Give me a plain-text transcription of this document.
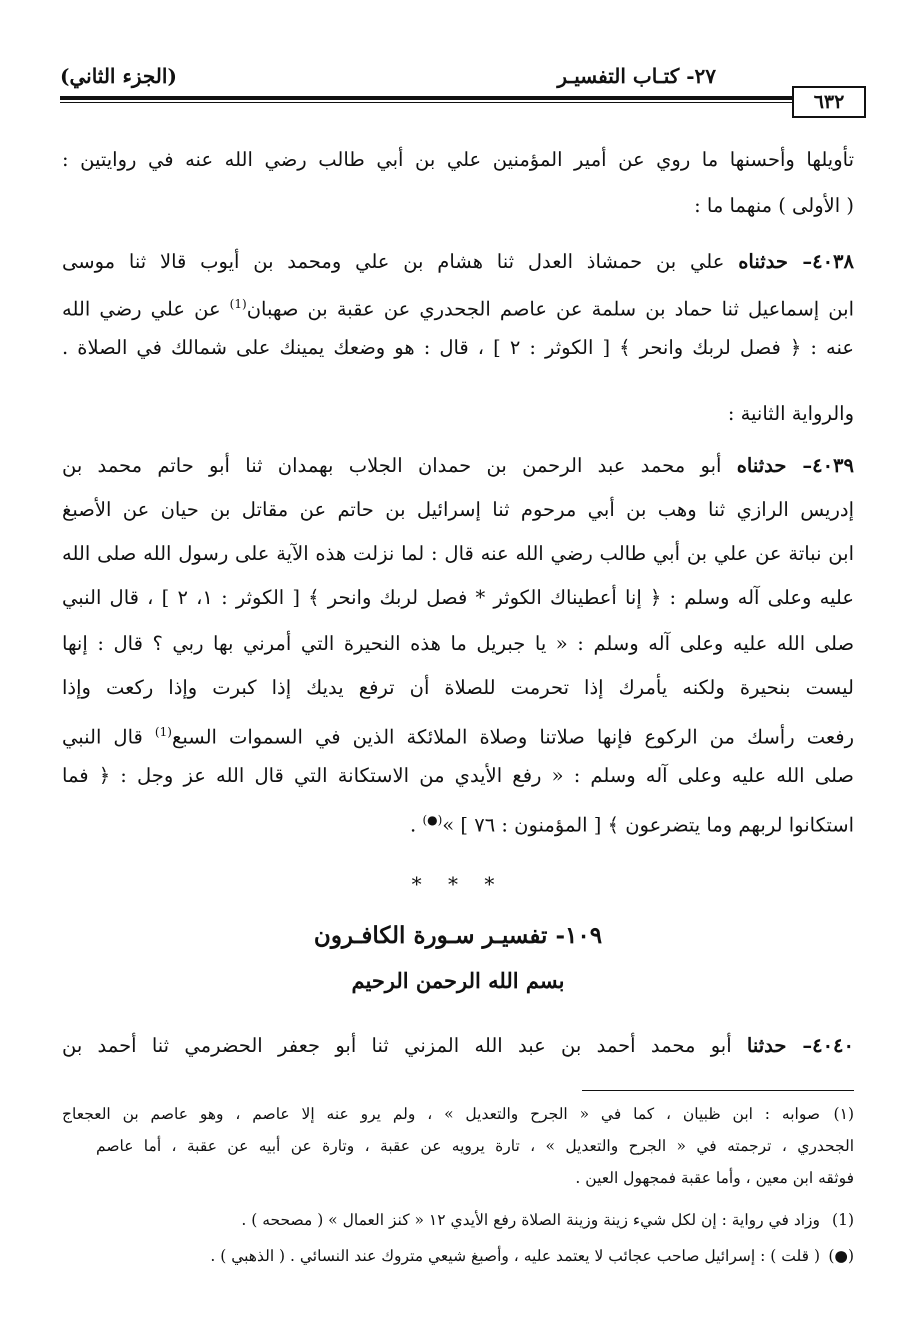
٢٧- كتـاب التفسيـر
(الجزء الثاني)
٦٣٢
تأويلها وأحسنها ما روي عن أمير المؤمنين علي بن أبي طالب رضي الله عنه في روايتين :
( الأولى ) منهما ما :
٤٠٣٨– حدثناه علي بن حمشاذ العدل ثنا هشام بن علي ومحمد بن أيوب قالا ثنا موسى
ابن إسماعيل ثنا حماد بن سلمة عن عاصم الجحدري عن عقبة بن صهبان$^{(1)}$ عن علي رضي الله
عنه : ﴿ فصل لربك وانحر ﴾ [ الكوثر : ٢ ] ، قال : هو وضعك يمينك على شمالك في الصلاة .
والرواية الثانية :
٤٠٣٩– حدثناه أبو محمد عبد الرحمن بن حمدان الجلاب بهمدان ثنا أبو حاتم محمد بن
إدريس الرازي ثنا وهب بن أبي مرحوم ثنا إسرائيل بن حاتم عن مقاتل بن حيان عن الأصبغ
ابن نباتة عن علي بن أبي طالب رضي الله عنه قال : لما نزلت هذه الآية على رسول الله صلى الله
عليه وعلى آله وسلم : ﴿ إنا أعطيناك الكوثر * فصل لربك وانحر ﴾ [ الكوثر : ١، ٢ ] ، قال النبي
صلى الله عليه وعلى آله وسلم : « يا جبريل ما هذه النحيرة التي أمرني بها ربي ؟ قال : إنها
ليست بنحيرة ولكنه يأمرك إذا تحرمت للصلاة أن ترفع يديك إذا كبرت وإذا ركعت وإذا
رفعت رأسك من الركوع فإنها صلاتنا وصلاة الملائكة الذين في السموات السبع$^{(1)}$ قال النبي
صلى الله عليه وعلى آله وسلم : « رفع الأيدي من الاستكانة التي قال الله عز وجل : ﴿ فما
استكانوا لربهم وما يتضرعون ﴾ [ المؤمنون : ٧٦ ] »(●) .
* * *
١٠٩- تفسيـر سـورة الكافـرون
بسم الله الرحمن الرحيم
٤٠٤٠– حدثنا أبو محمد أحمد بن عبد الله المزني ثنا أبو جعفر الحضرمي ثنا أحمد بن
(١)صوابه : ابن ظبيان ، كما في « الجرح والتعديل » ، ولم يرو عنه إلا عاصم ، وهو عاصم بن العجعاج
الجحدري ، ترجمته في « الجرح والتعديل » ، تارة يرويه عن عقبة ، وتارة عن أبيه عن عقبة ، أما عاصم
فوثقه ابن معين ، وأما عقبة فمجهول العين .
(1)وزاد في رواية : إن لكل شيء زينة وزينة الصلاة رفع الأيدي ١٢ « كنز العمال » ( مصححه ) .
(●)( قلت ) : إسرائيل صاحب عجائب لا يعتمد عليه ، وأصبغ شيعي متروك عند النسائي . ( الذهبي ) .
